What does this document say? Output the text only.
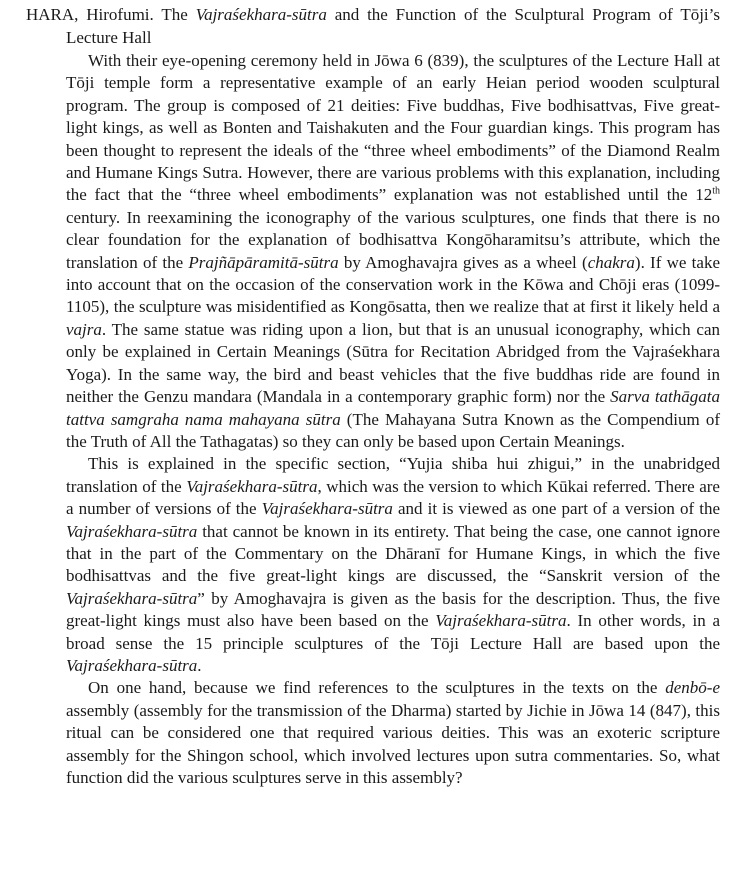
HARA, Hirofumi. The Vajraśekhara-sūtra and the Function of the Sculptural Program of Tōji’s Lecture Hall

With their eye-opening ceremony held in Jōwa 6 (839), the sculptures of the Lecture Hall at Tōji temple form a representative example of an early Heian period wooden sculptural program. The group is composed of 21 deities: Five buddhas, Five bodhisattvas, Five great-light kings, as well as Bonten and Taishakuten and the Four guardian kings. This program has been thought to represent the ideals of the “three wheel embodiments” of the Diamond Realm and Humane Kings Sutra. However, there are various problems with this explanation, including the fact that the “three wheel embodiments” explanation was not established until the 12th century. In reexamining the iconography of the various sculptures, one finds that there is no clear foundation for the explanation of bodhisattva Kongōharamitsu’s attribute, which the translation of the Prajñāpāramitā-sūtra by Amoghavajra gives as a wheel (chakra). If we take into account that on the occasion of the conservation work in the Kōwa and Chōji eras (1099-1105), the sculpture was misidentified as Kongōsatta, then we realize that at first it likely held a vajra. The same statue was riding upon a lion, but that is an unusual iconography, which can only be explained in Certain Meanings (Sūtra for Recitation Abridged from the Vajraśekhara Yoga). In the same way, the bird and beast vehicles that the five buddhas ride are found in neither the Genzu mandara (Mandala in a contemporary graphic form) nor the Sarva tathāgata tattva samgraha nama mahayana sūtra (The Mahayana Sutra Known as the Compendium of the Truth of All the Tathagatas) so they can only be based upon Certain Meanings.

This is explained in the specific section, “Yujia shiba hui zhigui,” in the unabridged translation of the Vajraśekhara-sūtra, which was the version to which Kūkai referred. There are a number of versions of the Vajraśekhara-sūtra and it is viewed as one part of a version of the Vajraśekhara-sūtra that cannot be known in its entirety. That being the case, one cannot ignore that in the part of the Commentary on the Dhāranī for Humane Kings, in which the five bodhisattvas and the five great-light kings are discussed, the “Sanskrit version of the Vajraśekhara-sūtra” by Amoghavajra is given as the basis for the description. Thus, the five great-light kings must also have been based on the Vajraśekhara-sūtra. In other words, in a broad sense the 15 principle sculptures of the Tōji Lecture Hall are based upon the Vajraśekhara-sūtra.

On one hand, because we find references to the sculptures in the texts on the denbō-e assembly (assembly for the transmission of the Dharma) started by Jichie in Jōwa 14 (847), this ritual can be considered one that required various deities. This was an exoteric scripture assembly for the Shingon school, which involved lectures upon sutra commentaries. So, what function did the various sculptures serve in this assembly?
